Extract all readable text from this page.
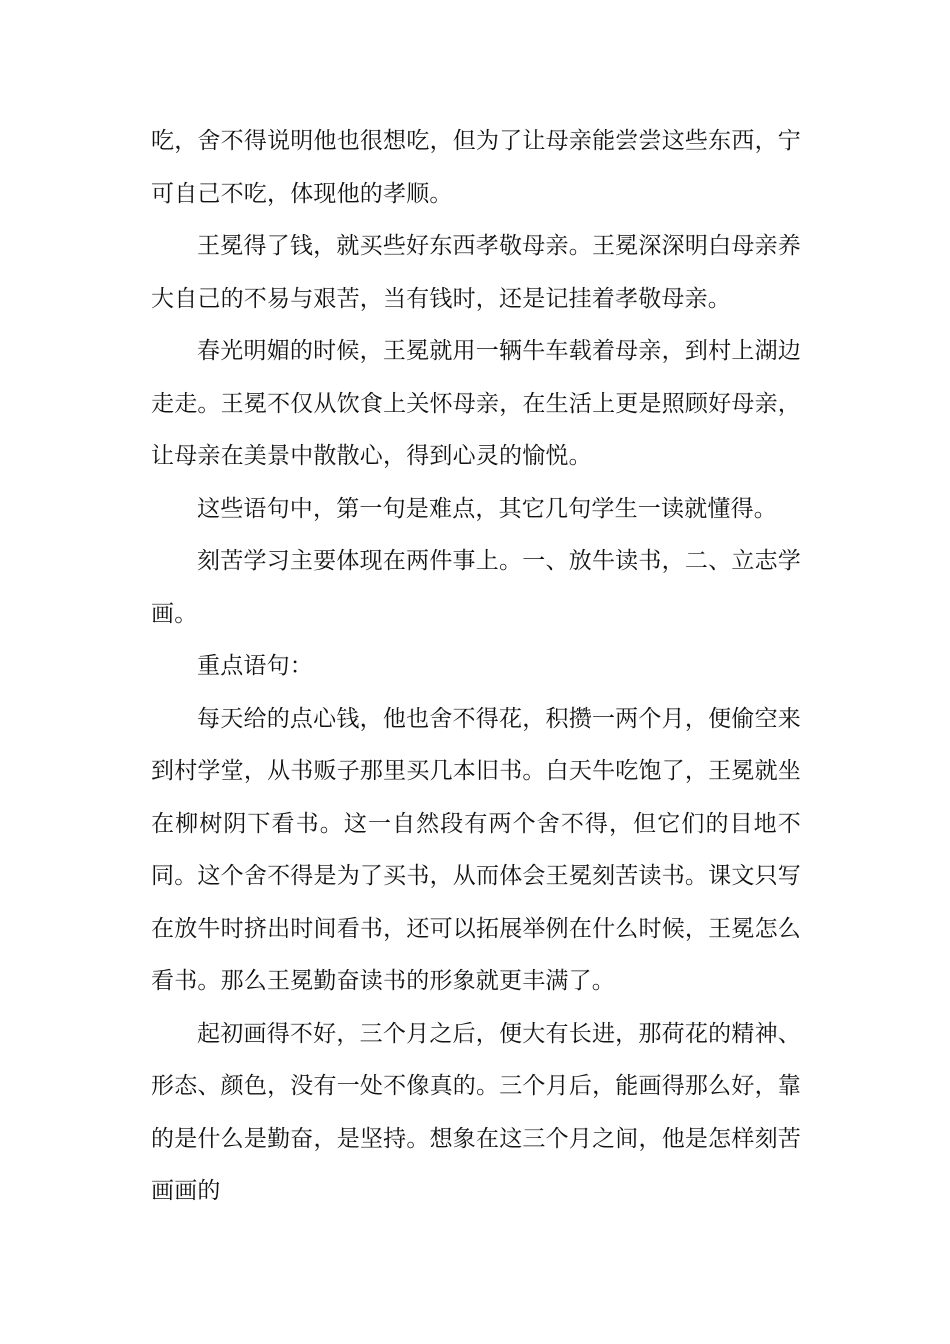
吃，舍不得说明他也很想吃，但为了让母亲能尝尝这些东西，宁可自己不吃，体现他的孝顺。

王冕得了钱，就买些好东西孝敬母亲。王冕深深明白母亲养大自己的不易与艰苦，当有钱时，还是记挂着孝敬母亲。

春光明媚的时候，王冕就用一辆牛车载着母亲，到村上湖边走走。王冕不仅从饮食上关怀母亲，在生活上更是照顾好母亲，让母亲在美景中散散心，得到心灵的愉悦。

这些语句中，第一句是难点，其它几句学生一读就懂得。

刻苦学习主要体现在两件事上。一、放牛读书，二、立志学画。

重点语句：

每天给的点心钱，他也舍不得花，积攒一两个月，便偷空来到村学堂，从书贩子那里买几本旧书。白天牛吃饱了，王冕就坐在柳树阴下看书。这一自然段有两个舍不得，但它们的目地不同。这个舍不得是为了买书，从而体会王冕刻苦读书。课文只写在放牛时挤出时间看书，还可以拓展举例在什么时候，王冕怎么看书。那么王冕勤奋读书的形象就更丰满了。

起初画得不好，三个月之后，便大有长进，那荷花的精神、形态、颜色，没有一处不像真的。三个月后，能画得那么好，靠的是什么是勤奋，是坚持。想象在这三个月之间，他是怎样刻苦画画的
